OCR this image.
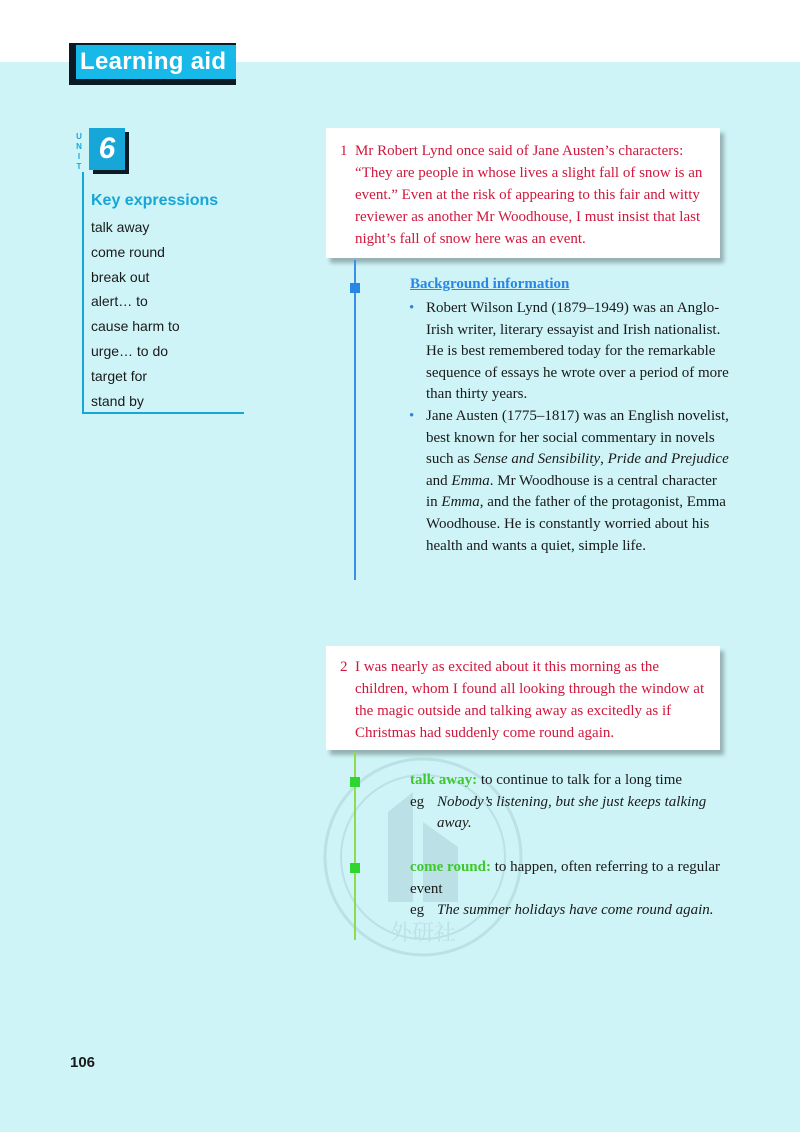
Learning aid
U
N
I
T
6
Key expressions
talk away
come round
break out
alert… to
cause harm to
urge… to do
target for
stand by
1 Mr Robert Lynd once said of Jane Austen’s characters: “They are people in whose lives a slight fall of snow is an event.” Even at the risk of appearing to this fair and witty reviewer as another Mr Woodhouse, I must insist that last night’s fall of snow here was an event.
Background information
• Robert Wilson Lynd (1879–1949) was an Anglo-Irish writer, literary essayist and Irish nationalist. He is best remembered today for the remarkable sequence of essays he wrote over a period of more than thirty years.
• Jane Austen (1775–1817) was an English novelist, best known for her social commentary in novels such as Sense and Sensibility, Pride and Prejudice and Emma. Mr Woodhouse is a central character in Emma, and the father of the protagonist, Emma Woodhouse. He is constantly worried about his health and wants a quiet, simple life.
2 I was nearly as excited about it this morning as the children, whom I found all looking through the window at the magic outside and talking away as excitedly as if Christmas had suddenly come round again.
外研社
talk away: to continue to talk for a long time
eg Nobody’s listening, but she just keeps talking away.
come round: to happen, often referring to a regular event
eg The summer holidays have come round again.
106
